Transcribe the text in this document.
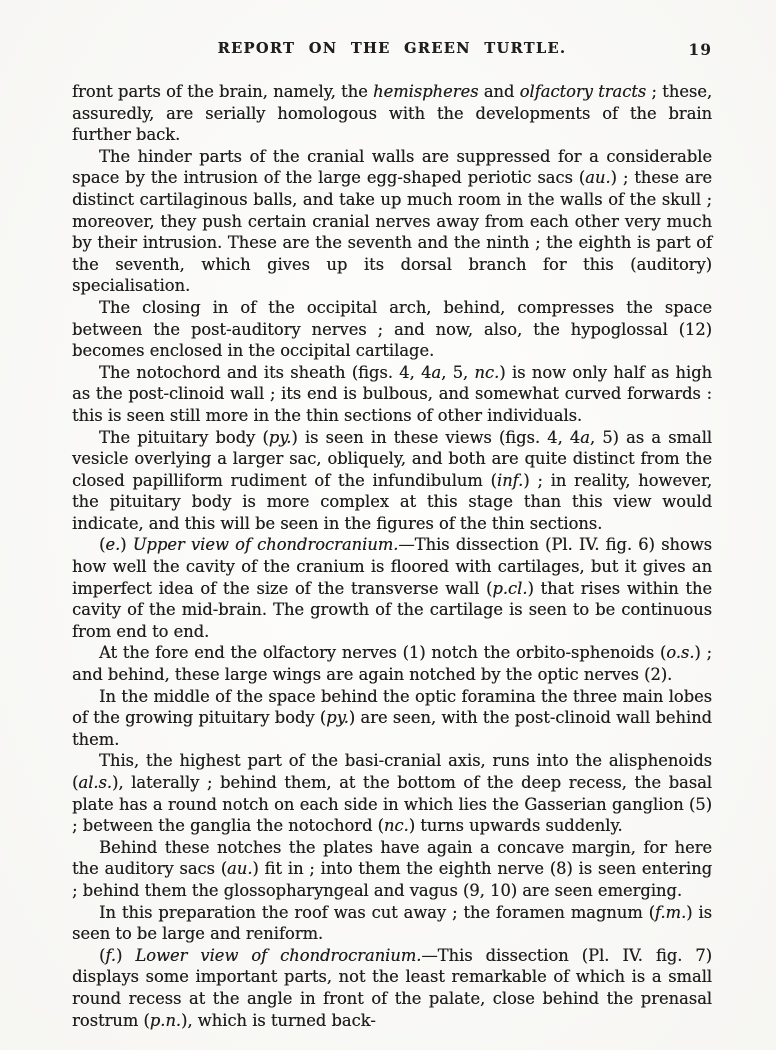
REPORT ON THE GREEN TURTLE.	19

front parts of the brain, namely, the hemispheres and olfactory tracts ; these, assuredly, are serially homologous with the developments of the brain further back.

The hinder parts of the cranial walls are suppressed for a considerable space by the intrusion of the large egg-shaped periotic sacs (au.) ; these are distinct cartilaginous balls, and take up much room in the walls of the skull ; moreover, they push certain cranial nerves away from each other very much by their intrusion. These are the seventh and the ninth ; the eighth is part of the seventh, which gives up its dorsal branch for this (auditory) specialisation.

The closing in of the occipital arch, behind, compresses the space between the post-auditory nerves ; and now, also, the hypoglossal (12) becomes enclosed in the occipital cartilage.

The notochord and its sheath (figs. 4, 4a, 5, nc.) is now only half as high as the post-clinoid wall ; its end is bulbous, and somewhat curved forwards : this is seen still more in the thin sections of other individuals.

The pituitary body (py.) is seen in these views (figs. 4, 4a, 5) as a small vesicle overlying a larger sac, obliquely, and both are quite distinct from the closed papilliform rudiment of the infundibulum (inf.) ; in reality, however, the pituitary body is more complex at this stage than this view would indicate, and this will be seen in the figures of the thin sections.

(e.) Upper view of chondrocranium.—This dissection (Pl. IV. fig. 6) shows how well the cavity of the cranium is floored with cartilages, but it gives an imperfect idea of the size of the transverse wall (p.cl.) that rises within the cavity of the mid-brain. The growth of the cartilage is seen to be continuous from end to end.

At the fore end the olfactory nerves (1) notch the orbito-sphenoids (o.s.) ; and behind, these large wings are again notched by the optic nerves (2).

In the middle of the space behind the optic foramina the three main lobes of the growing pituitary body (py.) are seen, with the post-clinoid wall behind them.

This, the highest part of the basi-cranial axis, runs into the alisphenoids (al.s.), laterally ; behind them, at the bottom of the deep recess, the basal plate has a round notch on each side in which lies the Gasserian ganglion (5) ; between the ganglia the notochord (nc.) turns upwards suddenly.

Behind these notches the plates have again a concave margin, for here the auditory sacs (au.) fit in ; into them the eighth nerve (8) is seen entering ; behind them the glossopharyngeal and vagus (9, 10) are seen emerging.

In this preparation the roof was cut away ; the foramen magnum (f.m.) is seen to be large and reniform.

(f.) Lower view of chondrocranium.—This dissection (Pl. IV. fig. 7) displays some important parts, not the least remarkable of which is a small round recess at the angle in front of the palate, close behind the prenasal rostrum (p.n.), which is turned back-
